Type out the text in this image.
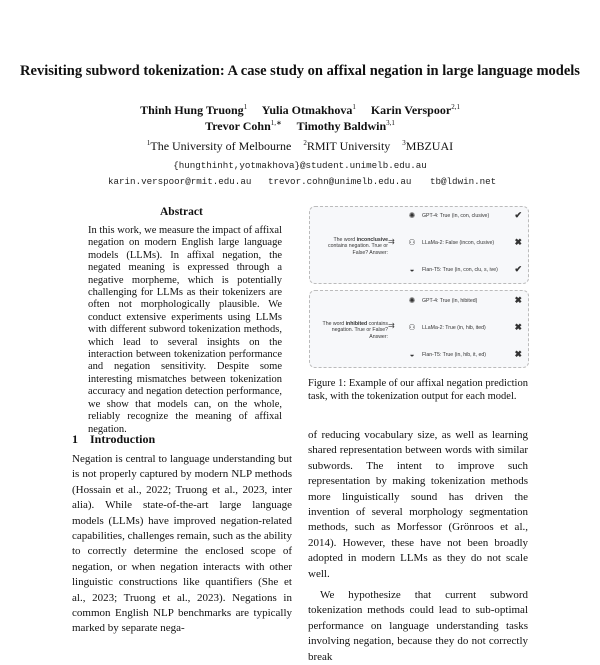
Revisiting subword tokenization: A case study on affixal negation in large language models
Thinh Hung Truong$^1$ Yulia Otmakhova$^1$ Karin Verspoor$^{2,1}$
Trevor Cohn$^{1,∗}$ Timothy Baldwin$^{3,1}$
$^1$The University of Melbourne $^2$RMIT University $^3$MBZUAI
{hungthinht,yotmakhova}@student.unimelb.edu.au
karin.verspoor@rmit.edu.au trevor.cohn@unimelb.edu.au tb@ldwin.net
Abstract
In this work, we measure the impact of affixal negation on modern English large language models (LLMs). In affixal negation, the negated meaning is expressed through a negative morpheme, which is potentially challenging for LLMs as their tokenizers are often not morphologically plausible. We conduct extensive experiments using LLMs with different subword tokenization methods, which lead to several insights on the interaction between tokenization performance and negation sensitivity. Despite some interesting mismatches between tokenization accuracy and negation detection performance, we show that models can, on the whole, reliably recognize the meaning of affixal negation.
The word inconclusive contains negation. True or False? Answer:
⇉
✺	GPT-4: True (in, con, clusive)	✔
⚇	LLaMa-2: False (incon, clusive) ✖
◒	Flan-T5: True (in, con, clu, s, ive) ✔
The word inhibited contains negation. True or False? Answer:
⇉
✺	GPT-4: True (in, hibited)	✖
⚇	LLaMa-2: True (in, hib, ited)	✖
◒	Flan-T5: True (in, hib, it, ed)	✖
Figure 1: Example of our affixal negation prediction task, with the tokenization output for each model.
1 Introduction

Negation is central to language understanding but is not properly captured by modern NLP methods (Hossain et al., 2022; Truong et al., 2023, inter alia). While state-of-the-art large language models (LLMs) have improved negation-related capabilities, challenges remain, such as the ability to correctly determine the enclosed scope of negation, or when negation interacts with other linguistic constructions like quantifiers (She et al., 2023; Truong et al., 2023). Negations in common English NLP benchmarks are typically marked by separate nega-

of reducing vocabulary size, as well as learning shared representation between words with similar subwords. The intent to improve such representation by making tokenization methods more linguistically sound has driven the invention of several morphology segmentation methods, such as Morfessor (Grönroos et al., 2014). However, these have not been broadly adopted in modern LLMs as they do not scale well.

We hypothesize that current subword tokenization methods could lead to sub-optimal performance on language understanding tasks involving negation, because they do not correctly break
